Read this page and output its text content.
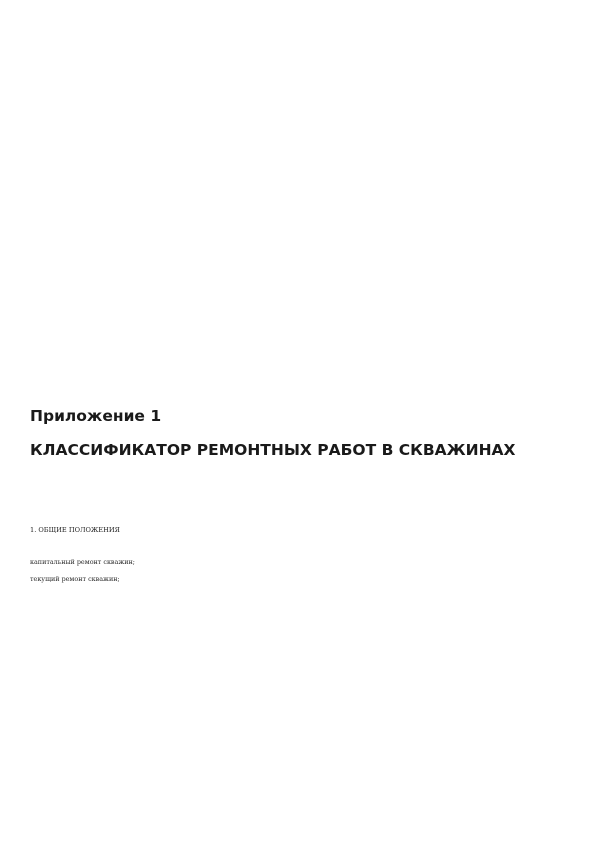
Приложение 1
КЛАССИФИКАТОР РЕМОНТНЫХ РАБОТ В СКВАЖИНАХ

1. ОБЩИЕ ПОЛОЖЕНИЯ

капитальный ремонт скважин;

текущий ремонт скважин;
